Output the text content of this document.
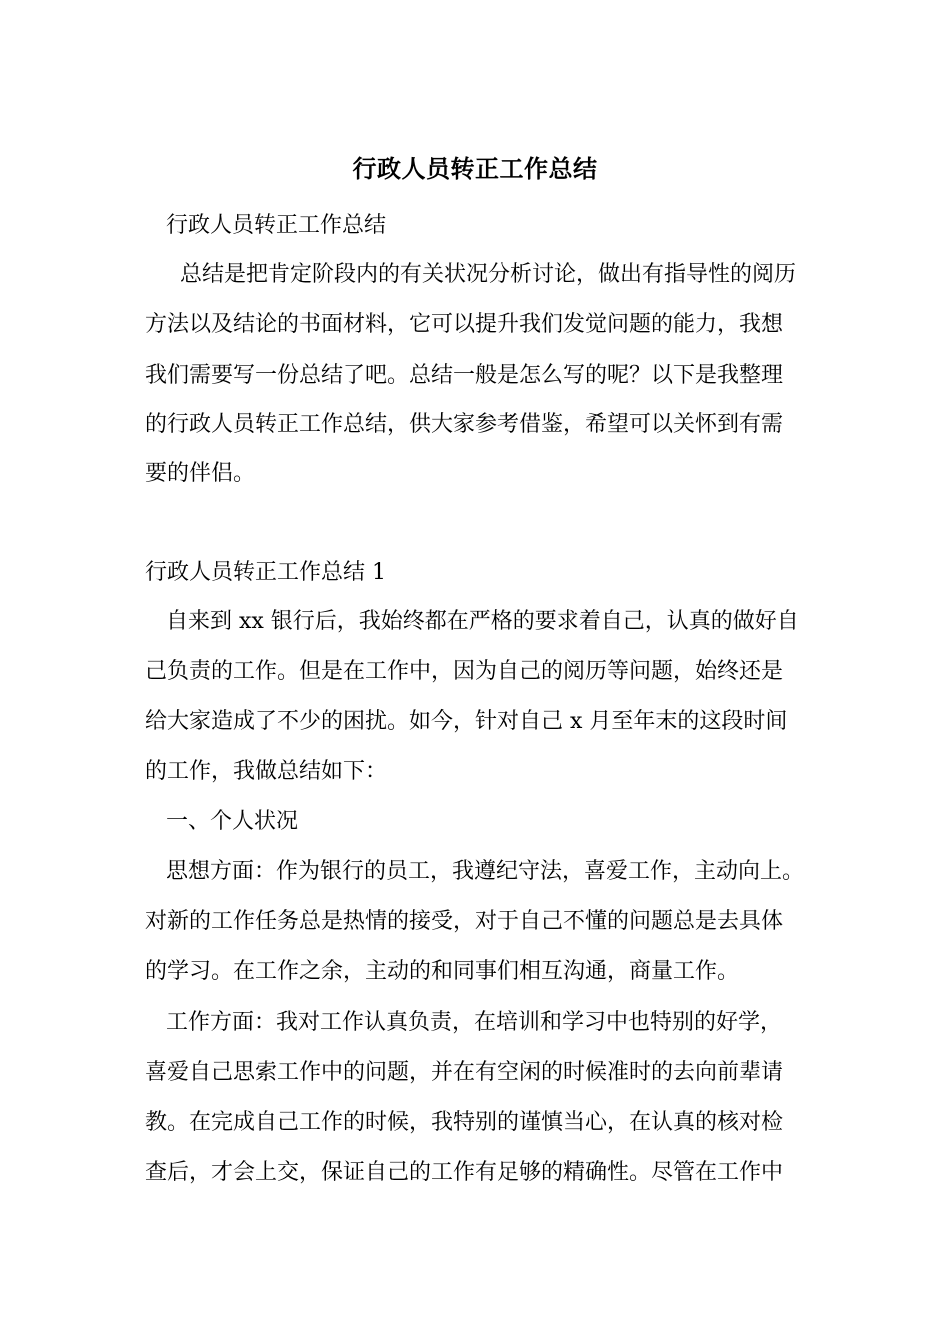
行政人员转正工作总结
行政人员转正工作总结
总结是把肯定阶段内的有关状况分析讨论，做出有指导性的阅历
方法以及结论的书面材料，它可以提升我们发觉问题的能力，我想
我们需要写一份总结了吧。总结一般是怎么写的呢？以下是我整理
的行政人员转正工作总结，供大家参考借鉴，希望可以关怀到有需
要的伴侣。
行政人员转正工作总结 1
自来到 xx 银行后，我始终都在严格的要求着自己，认真的做好自
己负责的工作。但是在工作中，因为自己的阅历等问题，始终还是
给大家造成了不少的困扰。如今，针对自己 x 月至年末的这段时间
的工作，我做总结如下：
一、个人状况
思想方面：作为银行的员工，我遵纪守法，喜爱工作，主动向上。
对新的工作任务总是热情的接受，对于自己不懂的问题总是去具体
的学习。在工作之余，主动的和同事们相互沟通，商量工作。
工作方面：我对工作认真负责，在培训和学习中也特别的好学，
喜爱自己思索工作中的问题，并在有空闲的时候准时的去向前辈请
教。在完成自己工作的时候，我特别的谨慎当心，在认真的核对检
查后，才会上交，保证自己的工作有足够的精确性。尽管在工作中
